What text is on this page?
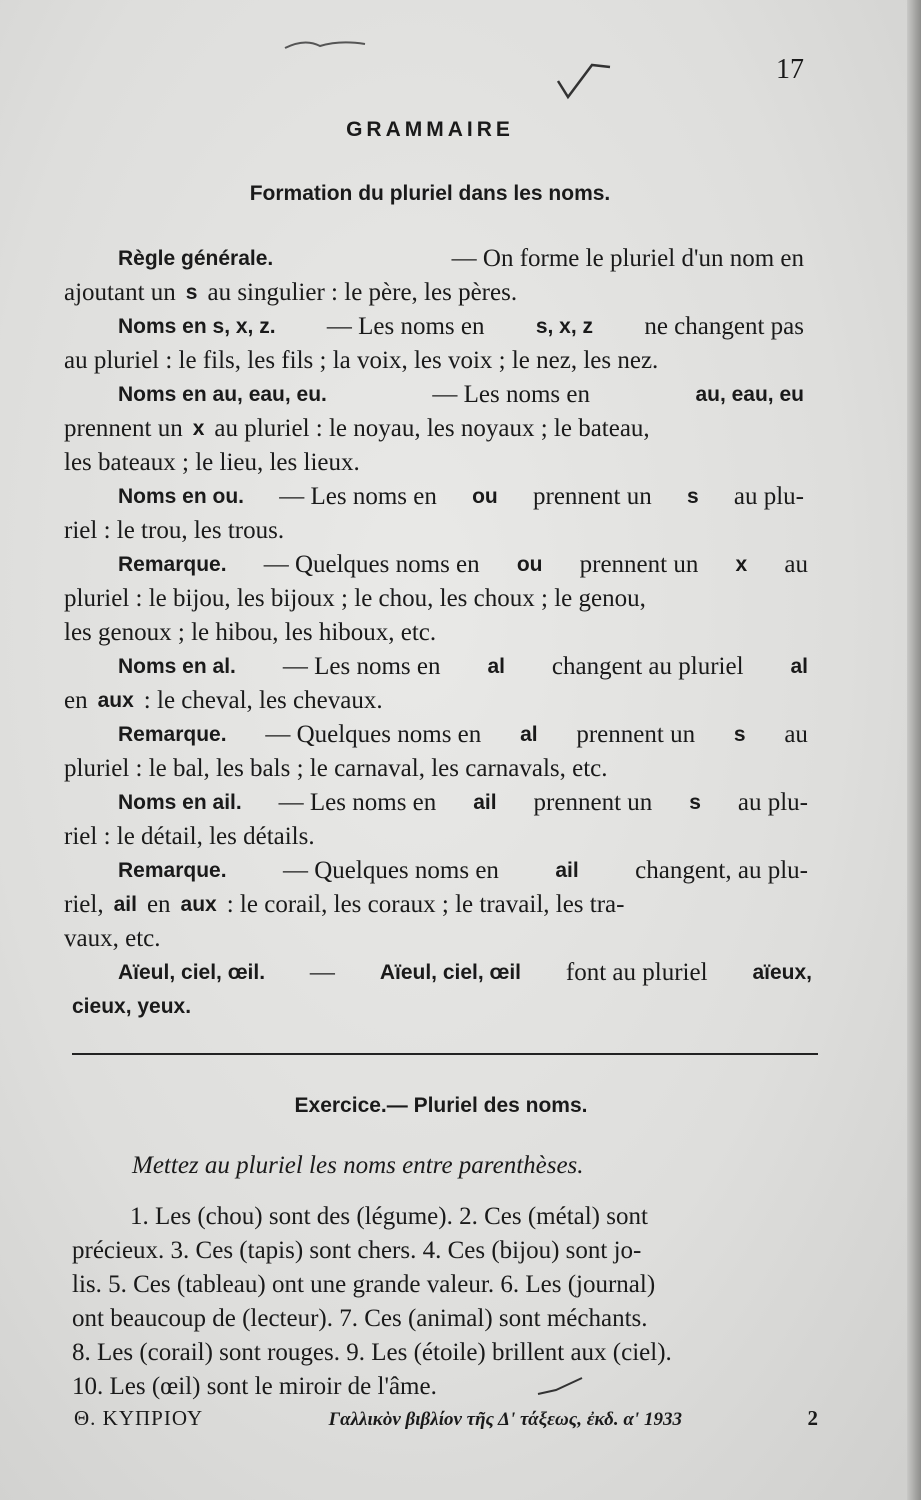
17
GRAMMAIRE
Formation du pluriel dans les noms.
Règle générale.	— On forme le pluriel d'un nom en
ajoutant un s au singulier : le père, les pères.
Noms en s, x, z. — Les noms en s, x, z ne changent pas
au pluriel : le fils, les fils ; la voix, les voix ; le nez, les nez.
Noms en au, eau, eu.	— Les noms en	au, eau, eu
prennent un x au pluriel : le noyau, les noyaux ; le bateau,
les bateaux ; le lieu, les lieux.
Noms en ou. — Les noms en ou prennent un s au plu-
riel : le trou, les trous.
Remarque. — Quelques noms en ou prennent un x au
pluriel : le bijou, les bijoux ; le chou, les choux ; le genou,
les genoux ; le hibou, les hiboux, etc.
Noms en al. — Les noms en al changent au pluriel al
en aux : le cheval, les chevaux.
Remarque. — Quelques noms en al prennent un s au
pluriel : le bal, les bals ; le carnaval, les carnavals, etc.
Noms en ail. — Les noms en ail prennent un s au plu-
riel : le détail, les détails.
Remarque. — Quelques noms en	ail changent, au plu-
riel, ail en aux : le corail, les coraux ; le travail, les tra-
vaux, etc.
Aïeul, ciel, œil. — Aïeul, ciel, œil font au pluriel aïeux,
cieux, yeux.
Exercice.— Pluriel des noms.
Mettez au pluriel les noms entre parenthèses.
1. Les (chou) sont des (légume). 2. Ces (métal) sont
précieux. 3. Ces (tapis) sont chers. 4. Ces (bijou) sont jo-
lis. 5. Ces (tableau) ont une grande valeur. 6. Les (journal)
ont beaucoup de (lecteur). 7. Ces (animal) sont méchants.
8. Les (corail) sont rouges. 9. Les (étoile) brillent aux (ciel).
10. Les (œil) sont le miroir de l'âme.
Θ. ΚΥΠΡΙΟΥ	Γαλλικὸν βιβλίον τῆς Δ' τάξεως, ἐκδ. α' 1933	2
